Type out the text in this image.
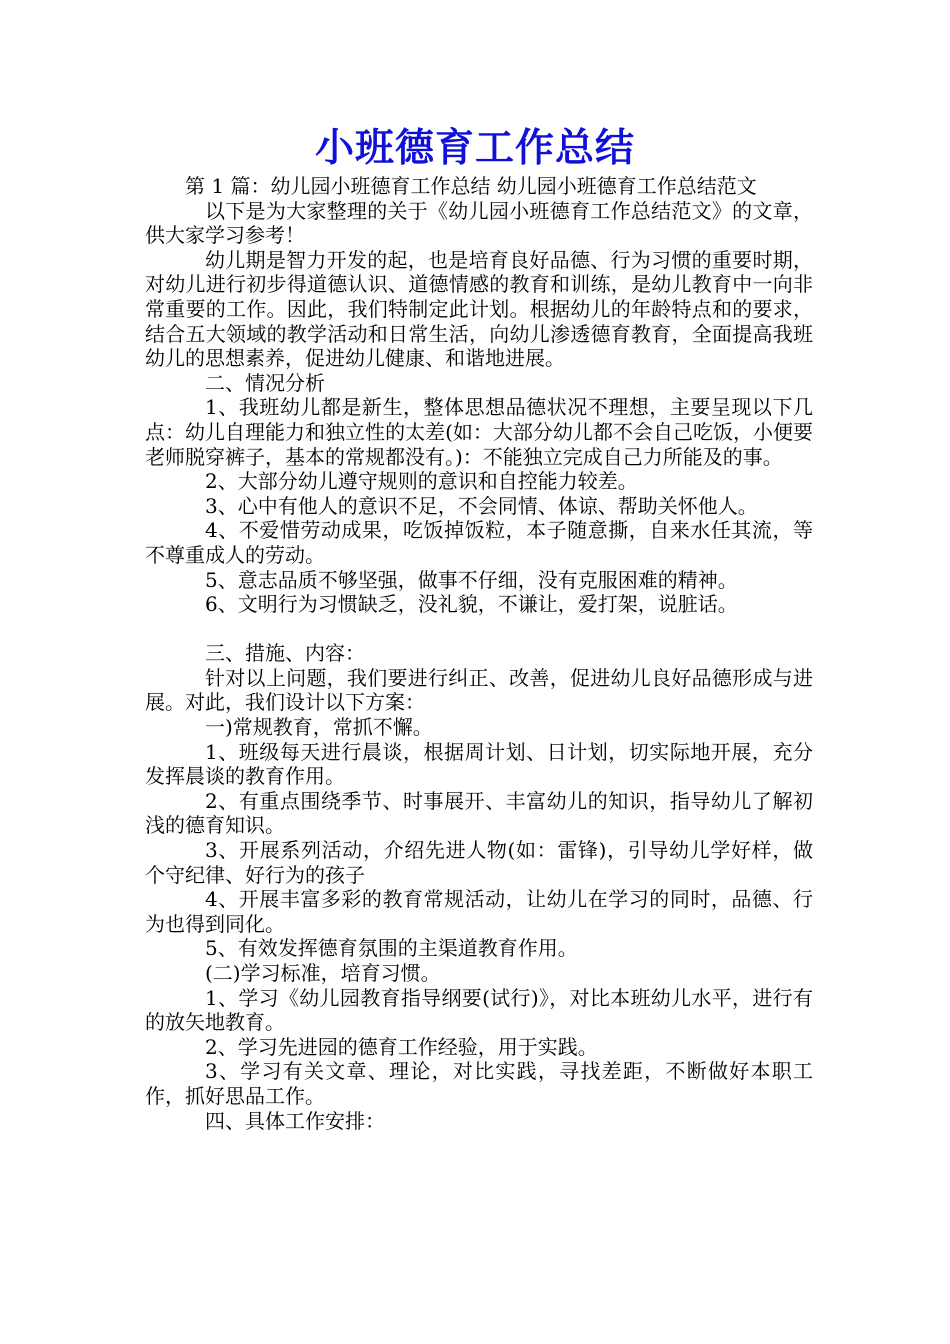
小班德育工作总结

第 1 篇：幼儿园小班德育工作总结 幼儿园小班德育工作总结范文

以下是为大家整理的关于《幼儿园小班德育工作总结范文》的文章，供大家学习参考！

幼儿期是智力开发的起，也是培育良好品德、行为习惯的重要时期，对幼儿进行初步得道德认识、道德情感的教育和训练，是幼儿教育中一向非常重要的工作。因此，我们特制定此计划。根据幼儿的年龄特点和的要求，结合五大领域的教学活动和日常生活，向幼儿渗透德育教育，全面提高我班幼儿的思想素养，促进幼儿健康、和谐地进展。

二、情况分析

1、我班幼儿都是新生，整体思想品德状况不理想，主要呈现以下几点：幼儿自理能力和独立性的太差(如：大部分幼儿都不会自己吃饭，小便要老师脱穿裤子，基本的常规都没有。)：不能独立完成自己力所能及的事。

2、大部分幼儿遵守规则的意识和自控能力较差。

3、心中有他人的意识不足，不会同情、体谅、帮助关怀他人。

4、不爱惜劳动成果，吃饭掉饭粒，本子随意撕，自来水任其流，等不尊重成人的劳动。

5、意志品质不够坚强，做事不仔细，没有克服困难的精神。

6、文明行为习惯缺乏，没礼貌，不谦让，爱打架，说脏话。

三、措施、内容：

针对以上问题，我们要进行纠正、改善，促进幼儿良好品德形成与进展。对此，我们设计以下方案：

一)常规教育，常抓不懈。

1、班级每天进行晨谈，根据周计划、日计划，切实际地开展，充分发挥晨谈的教育作用。

2、有重点围绕季节、时事展开、丰富幼儿的知识，指导幼儿了解初浅的德育知识。

3、开展系列活动，介绍先进人物(如：雷锋)，引导幼儿学好样，做个守纪律、好行为的孩子

4、开展丰富多彩的教育常规活动，让幼儿在学习的同时，品德、行为也得到同化。

5、有效发挥德育氛围的主渠道教育作用。

(二)学习标准，培育习惯。

1、学习《幼儿园教育指导纲要(试行)》，对比本班幼儿水平，进行有的放矢地教育。

2、学习先进园的德育工作经验，用于实践。

3、学习有关文章、理论，对比实践，寻找差距，不断做好本职工作，抓好思品工作。

四、具体工作安排：
